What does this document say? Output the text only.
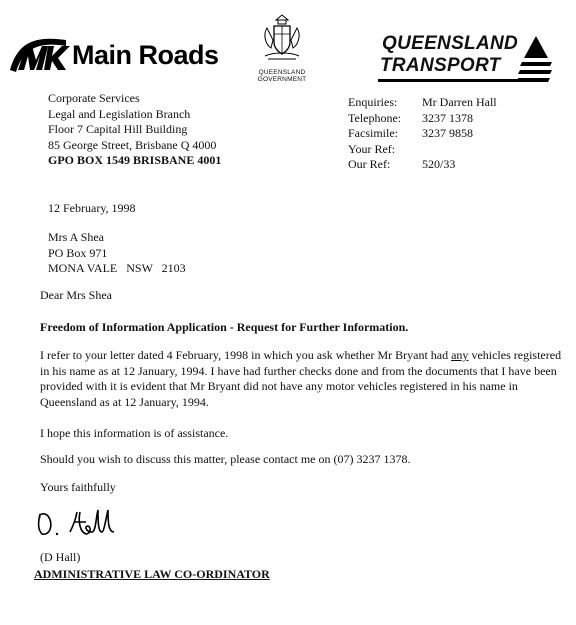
Main Roads
QUEENSLAND
GOVERNMENT
QUEENSLAND
TRANSPORT
Corporate Services
Legal and Legislation Branch
Floor 7 Capital Hill Building
85 George Street, Brisbane Q 4000
GPO BOX 1549 BRISBANE 4001
Enquiries:	Mr Darren Hall
Telephone:	3237 1378
Facsimile:	3237 9858
Your Ref:	
Our Ref:	520/33
12 February, 1998
Mrs A Shea
PO Box 971
MONA VALE   NSW   2103
Dear Mrs Shea
Freedom of Information Application - Request for Further Information.
I refer to your letter dated 4 February, 1998 in which you ask whether Mr Bryant had any vehicles registered in his name as at 12 January, 1994. I have had further checks done and from the documents that I have been provided with it is evident that Mr Bryant did not have any motor vehicles registered in his name in Queensland as at 12 January, 1994.
I hope this information is of assistance.
Should you wish to discuss this matter, please contact me on (07) 3237 1378.
Yours faithfully
(D Hall)
ADMINISTRATIVE LAW CO-ORDINATOR
